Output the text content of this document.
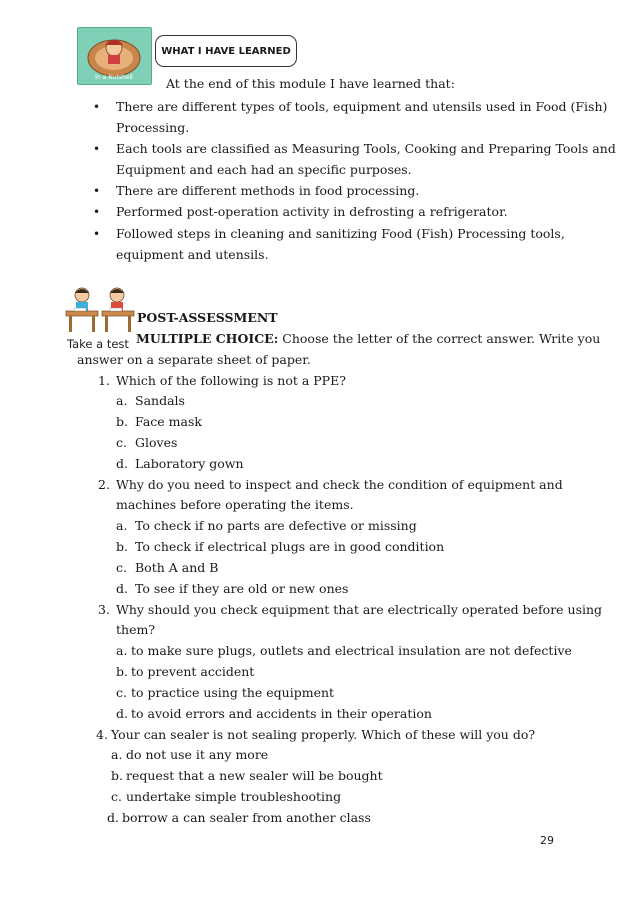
In a Nutshell
WHAT I HAVE LEARNED
At the end of this module I have learned that:
• There are different types of tools, equipment and utensils used in Food (Fish)
Processing.
• Each tools are classified as Measuring Tools, Cooking and Preparing Tools and
Equipment and each had an specific purposes.
• There are different methods in food processing.
• Performed post-operation activity in defrosting a refrigerator.
• Followed steps in cleaning and sanitizing Food (Fish) Processing tools,
equipment and utensils.
Take a test
POST-ASSESSMENT
MULTIPLE CHOICE: Choose the letter of the correct answer. Write you
answer on a separate sheet of paper.
1. Which of the following is not a PPE?
a. Sandals
b. Face mask
c. Gloves
d. Laboratory gown
2. Why do you need to inspect and check the condition of equipment and
machines before operating the items.
a. To check if no parts are defective or missing
b. To check if electrical plugs are in good condition
c. Both A and B
d. To see if they are old or new ones
3. Why should you check equipment that are electrically operated before using
them?
a. to make sure plugs, outlets and electrical insulation are not defective
b. to prevent accident
c. to practice using the equipment
d. to avoid errors and accidents in their operation
4. Your can sealer is not sealing properly. Which of these will you do?
a. do not use it any more
b. request that a new sealer will be bought
c. undertake simple troubleshooting
d. borrow a can sealer from another class
29
